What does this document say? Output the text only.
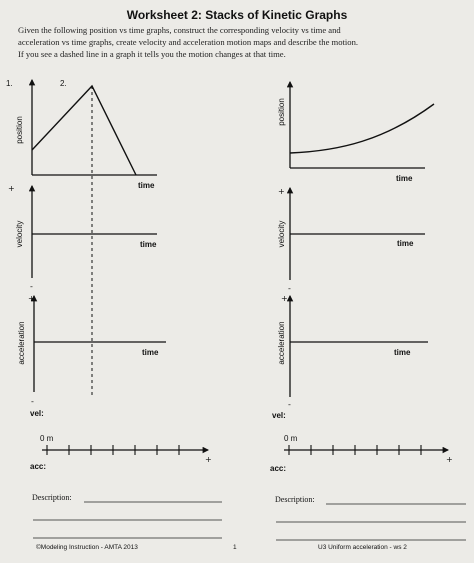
Worksheet 2: Stacks of Kinetic Graphs
Given the following position vs time graphs, construct the corresponding velocity vs time and
acceleration vs time graphs, create velocity and acceleration motion maps and describe the motion.
If you see a dashed line in a graph it tells you the motion changes at that time.
1.	2.
position
time
+
velocity	time
-
+
acceleration	time
-
vel:
0 m
+
acc:
Description:
position
time
+
velocity	time
-
+
acceleration	time
-
vel:
0 m
+
acc:
Description:
©Modeling Instruction - AMTA 2013	1	U3 Uniform acceleration - ws 2
